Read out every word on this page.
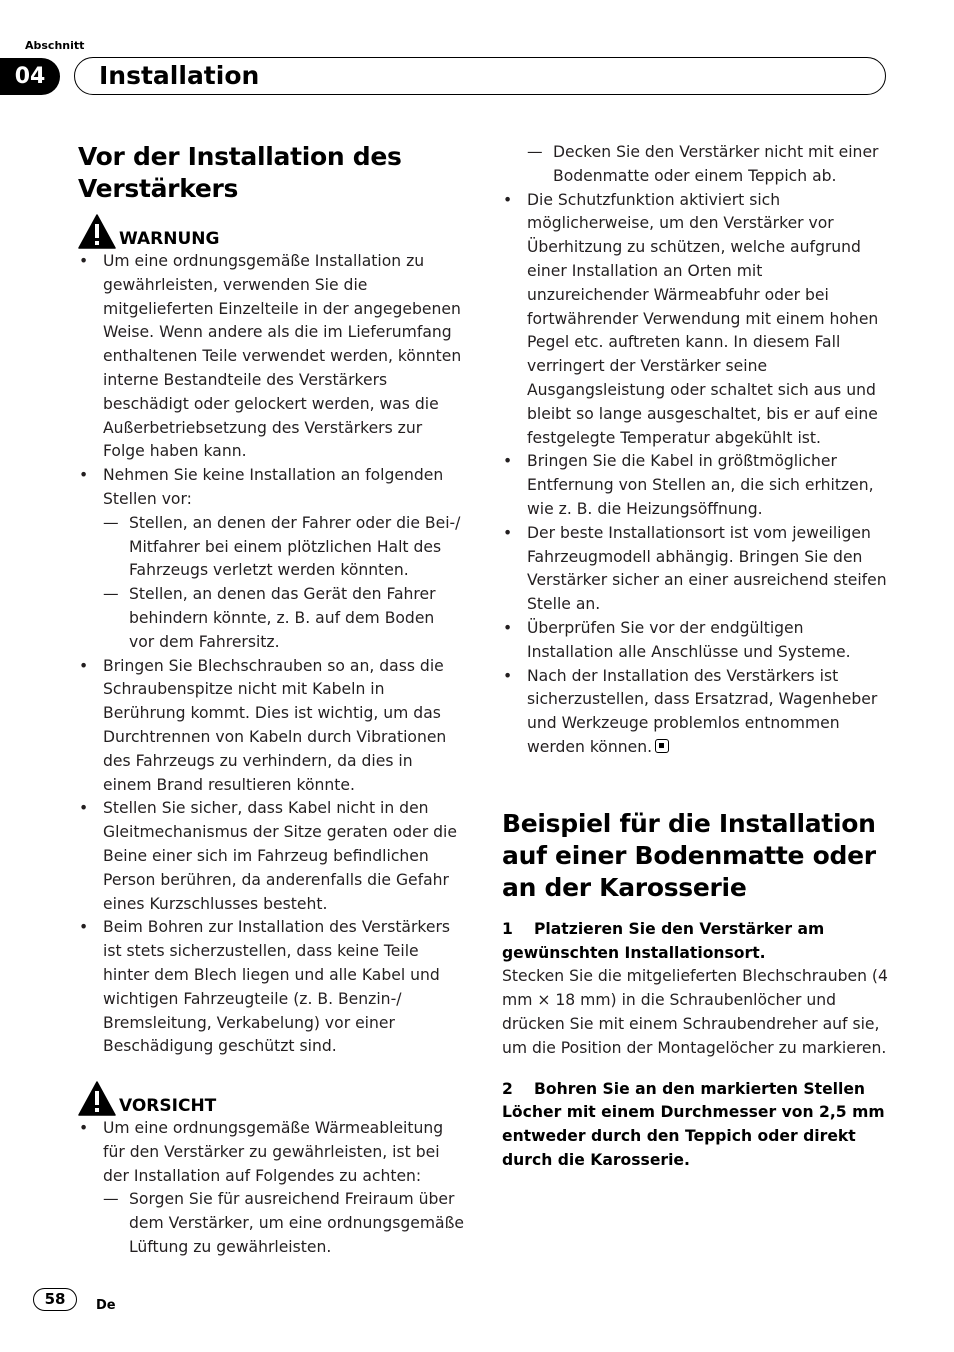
Abschnitt
04	Installation
Vor der Installation des Verstärkers
WARNUNG
• Um eine ordnungsgemäße Installation zu gewährleisten, verwenden Sie die mitgelieferten Einzelteile in der angegebenen Weise. Wenn andere als die im Lieferumfang enthaltenen Teile verwendet werden, könnten interne Bestandteile des Verstärkers beschädigt oder gelockert werden, was die Außerbetriebsetzung des Verstärkers zur Folge haben kann.
• Nehmen Sie keine Installation an folgenden Stellen vor:
— Stellen, an denen der Fahrer oder die Bei-/ Mitfahrer bei einem plötzlichen Halt des Fahrzeugs verletzt werden könnten.
— Stellen, an denen das Gerät den Fahrer behindern könnte, z. B. auf dem Boden vor dem Fahrersitz.
• Bringen Sie Blechschrauben so an, dass die Schraubenspitze nicht mit Kabeln in Berührung kommt. Dies ist wichtig, um das Durchtrennen von Kabeln durch Vibrationen des Fahrzeugs zu verhindern, da dies in einem Brand resultieren könnte.
• Stellen Sie sicher, dass Kabel nicht in den Gleitmechanismus der Sitze geraten oder die Beine einer sich im Fahrzeug befindlichen Person berühren, da anderenfalls die Gefahr eines Kurzschlusses besteht.
• Beim Bohren zur Installation des Verstärkers ist stets sicherzustellen, dass keine Teile hinter dem Blech liegen und alle Kabel und wichtigen Fahrzeugteile (z. B. Benzin-/ Bremsleitung, Verkabelung) vor einer Beschädigung geschützt sind.
VORSICHT
• Um eine ordnungsgemäße Wärmeableitung für den Verstärker zu gewährleisten, ist bei der Installation auf Folgendes zu achten:
— Sorgen Sie für ausreichend Freiraum über dem Verstärker, um eine ordnungsgemäße Lüftung zu gewährleisten.
— Decken Sie den Verstärker nicht mit einer Bodenmatte oder einem Teppich ab.
• Die Schutzfunktion aktiviert sich möglicherweise, um den Verstärker vor Überhitzung zu schützen, welche aufgrund einer Installation an Orten mit unzureichender Wärmeabfuhr oder bei fortwährender Verwendung mit einem hohen Pegel etc. auftreten kann. In diesem Fall verringert der Verstärker seine Ausgangsleistung oder schaltet sich aus und bleibt so lange ausgeschaltet, bis er auf eine festgelegte Temperatur abgekühlt ist.
• Bringen Sie die Kabel in größtmöglicher Entfernung von Stellen an, die sich erhitzen, wie z. B. die Heizungsöffnung.
• Der beste Installationsort ist vom jeweiligen Fahrzeugmodell abhängig. Bringen Sie den Verstärker sicher an einer ausreichend steifen Stelle an.
• Überprüfen Sie vor der endgültigen Installation alle Anschlüsse und Systeme.
• Nach der Installation des Verstärkers ist sicherzustellen, dass Ersatzrad, Wagenheber und Werkzeuge problemlos entnommen werden können.
Beispiel für die Installation auf einer Bodenmatte oder an der Karosserie
1 Platzieren Sie den Verstärker am gewünschten Installationsort.
Stecken Sie die mitgelieferten Blechschrauben (4 mm × 18 mm) in die Schraubenlöcher und drücken Sie mit einem Schraubendreher auf sie, um die Position der Montagelöcher zu markieren.
2 Bohren Sie an den markierten Stellen Löcher mit einem Durchmesser von 2,5 mm entweder durch den Teppich oder direkt durch die Karosserie.
58	De
